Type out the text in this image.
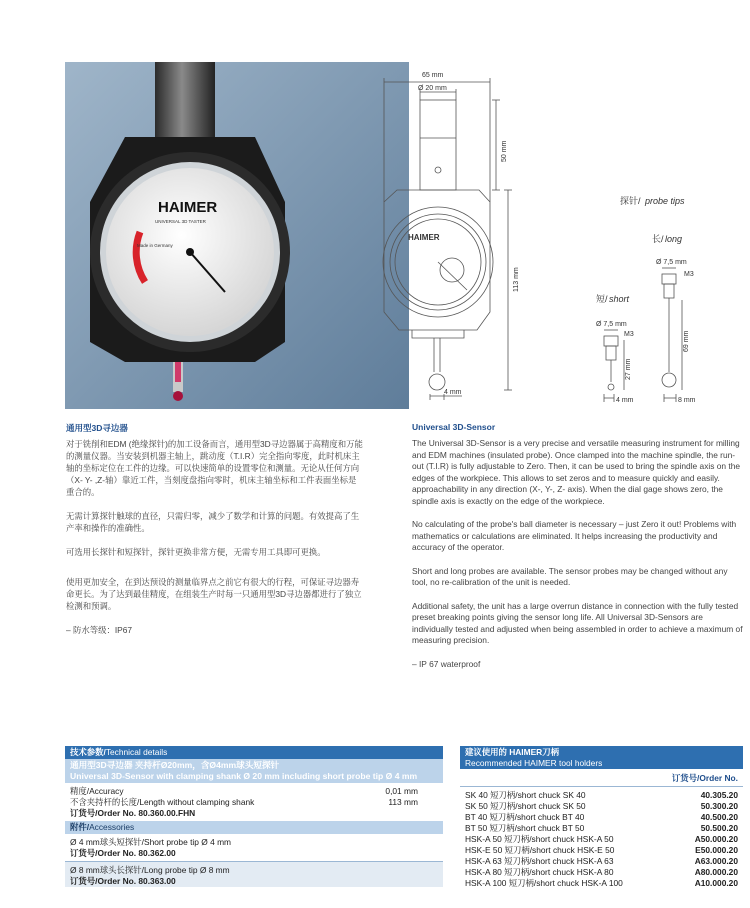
HAIMER
UNIVERSAL 3D TASTER
Made in Germany
65 mm
Ø 20 mm
50 mm
113 mm
4 mm
HAIMER
探针/ probe tips
长/ long
短/ short
Ø 7,5 mm
M3
Ø 7,5 mm
M3
27 mm
69 mm
4 mm	8 mm
通用型3D寻边器

对于铣削和EDM (绝缘探针)的加工设备而言，通用型3D寻边器属于高精度和万能的测量仪器。当安装到机器主轴上，跳动度（T.I.R）完全指向零度，此时机床主轴的坐标定位在工件的边缘。可以快速简单的设置零位和测量。无论从任何方向（X- Y- ,Z-轴）靠近工件，当刻度盘指向零时，机床主轴坐标和工件表面坐标是重合的。

无需计算探针触球的直径，只需归零，减少了数学和计算的问题。有效提高了生产率和操作的准确性。

可选用长探针和短探针，探针更换非常方便，无需专用工具即可更换。

使用更加安全，在到达预设的测量临界点之前它有很大的行程，可保证寻边器寿命更长。为了达到最佳精度，在组装生产时每一只通用型3D寻边器都进行了独立检测和预调。

– 防水等级：IP67

Universal 3D-Sensor

The Universal 3D-Sensor is a very precise and versatile measuring instrument for milling and EDM machines (insulated probe). Once clamped into the machine spindle, the run-out (T.I.R) is fully adjustable to Zero. Then, it can be used to bring the spindle axis on the edges of the workpiece. This allows to set zeros and to measure quickly and easily. approachability in any direction (X-, Y-, Z- axis). When the dial gage shows zero, the spindle axis is exactly on the edge of the workpiece.

No calculating of the probe's ball diameter is necessary – just Zero it out! Problems with mathematics or calculations are eliminated. It helps increasing the productivity and accuracy of the operator.

Short and long probes are available. The sensor probes may be changed without any tool, no re-calibration of the unit is needed.

Additional safety, the unit has a large overrun distance in connection with the fully tested preset breaking points giving the sensor long life. All Universal 3D-Sensors are individually tested and adjusted when being assembled in order to achieve a maximum of measuring precision.

– IP 67 waterproof

技术参数/Technical details
通用型3D寻边器 夹持杆Ø20mm，含Ø4mm球头短探针
Universal 3D-Sensor with clamping shank Ø 20 mm including short probe tip Ø 4 mm
精度/Accuracy	0,01 mm
不含夹持杆的长度/Length without clamping shank	113 mm
订货号/Order No. 80.360.00.FHN
附件/Accessories
Ø 4 mm球头短探针/Short probe tip Ø 4 mm
订货号/Order No. 80.362.00
Ø 8 mm球头长探针/Long probe tip Ø 8 mm
订货号/Order No. 80.363.00
建议使用的 HAIMER刀柄
Recommended HAIMER tool holders
订货号/Order No.
SK 40 短刀柄/short chuck SK 40	40.305.20
SK 50 短刀柄/short chuck SK 50	50.300.20
BT 40 短刀柄/short chuck BT 40	40.500.20
BT 50 短刀柄/short chuck BT 50	50.500.20
HSK-A 50 短刀柄/short chuck HSK-A 50	A50.000.20
HSK-E 50 短刀柄/short chuck HSK-E 50	E50.000.20
HSK-A 63 短刀柄/short chuck HSK-A 63	A63.000.20
HSK-A 80 短刀柄/short chuck HSK-A 80	A80.000.20
HSK-A 100 短刀柄/short chuck HSK-A 100	A10.000.20
